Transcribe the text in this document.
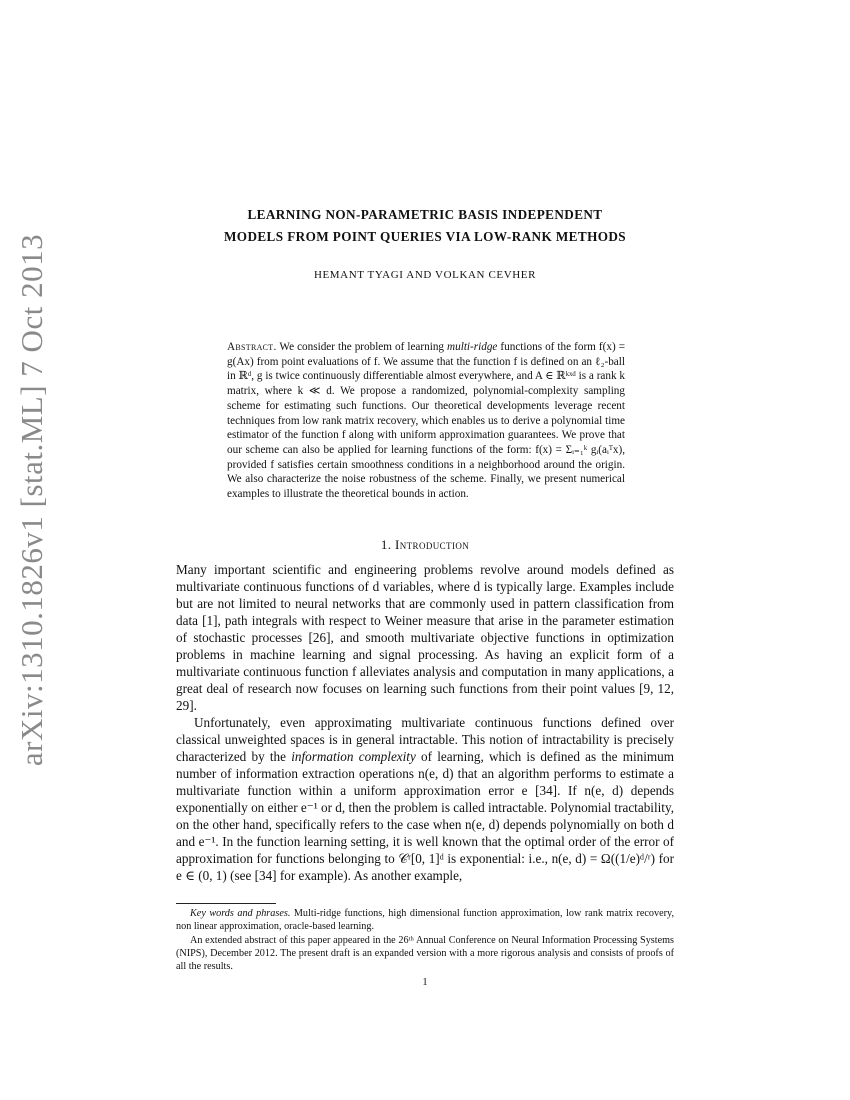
arXiv:1310.1826v1 [stat.ML] 7 Oct 2013
LEARNING NON-PARAMETRIC BASIS INDEPENDENT
MODELS FROM POINT QUERIES VIA LOW-RANK METHODS
HEMANT TYAGI AND VOLKAN CEVHER
Abstract. We consider the problem of learning multi-ridge functions of the form f(x) = g(Ax) from point evaluations of f. We assume that the function f is defined on an ℓ₂-ball in ℝᵈ, g is twice continuously differentiable almost everywhere, and A ∈ ℝᵏˣᵈ is a rank k matrix, where k ≪ d. We propose a randomized, polynomial-complexity sampling scheme for estimating such functions. Our theoretical developments leverage recent techniques from low rank matrix recovery, which enables us to derive a polynomial time estimator of the function f along with uniform approximation guarantees. We prove that our scheme can also be applied for learning functions of the form: f(x) = Σᵢ₌₁ᵏ gᵢ(aᵢᵀx), provided f satisfies certain smoothness conditions in a neighborhood around the origin. We also characterize the noise robustness of the scheme. Finally, we present numerical examples to illustrate the theoretical bounds in action.
1. Introduction

Many important scientific and engineering problems revolve around models defined as multivariate continuous functions of d variables, where d is typically large. Examples include but are not limited to neural networks that are commonly used in pattern classification from data [1], path integrals with respect to Weiner measure that arise in the parameter estimation of stochastic processes [26], and smooth multivariate objective functions in optimization problems in machine learning and signal processing. As having an explicit form of a multivariate continuous function f alleviates analysis and computation in many applications, a great deal of research now focuses on learning such functions from their point values [9, 12, 29].

Unfortunately, even approximating multivariate continuous functions defined over classical unweighted spaces is in general intractable. This notion of intractability is precisely characterized by the information complexity of learning, which is defined as the minimum number of information extraction operations n(e, d) that an algorithm performs to estimate a multivariate function within a uniform approximation error e [34]. If n(e, d) depends exponentially on either e⁻¹ or d, then the problem is called intractable. Polynomial tractability, on the other hand, specifically refers to the case when n(e, d) depends polynomially on both d and e⁻¹. In the function learning setting, it is well known that the optimal order of the error of approximation for functions belonging to 𝒞ʳ[0, 1]ᵈ is exponential: i.e., n(e, d) = Ω((1/e)ᵈ/ʳ) for e ∈ (0, 1) (see [34] for example). As another example,

Key words and phrases. Multi-ridge functions, high dimensional function approximation, low rank matrix recovery, non linear approximation, oracle-based learning.

An extended abstract of this paper appeared in the 26ᵗʰ Annual Conference on Neural Information Processing Systems (NIPS), December 2012. The present draft is an expanded version with a more rigorous analysis and consists of proofs of all the results.

1
